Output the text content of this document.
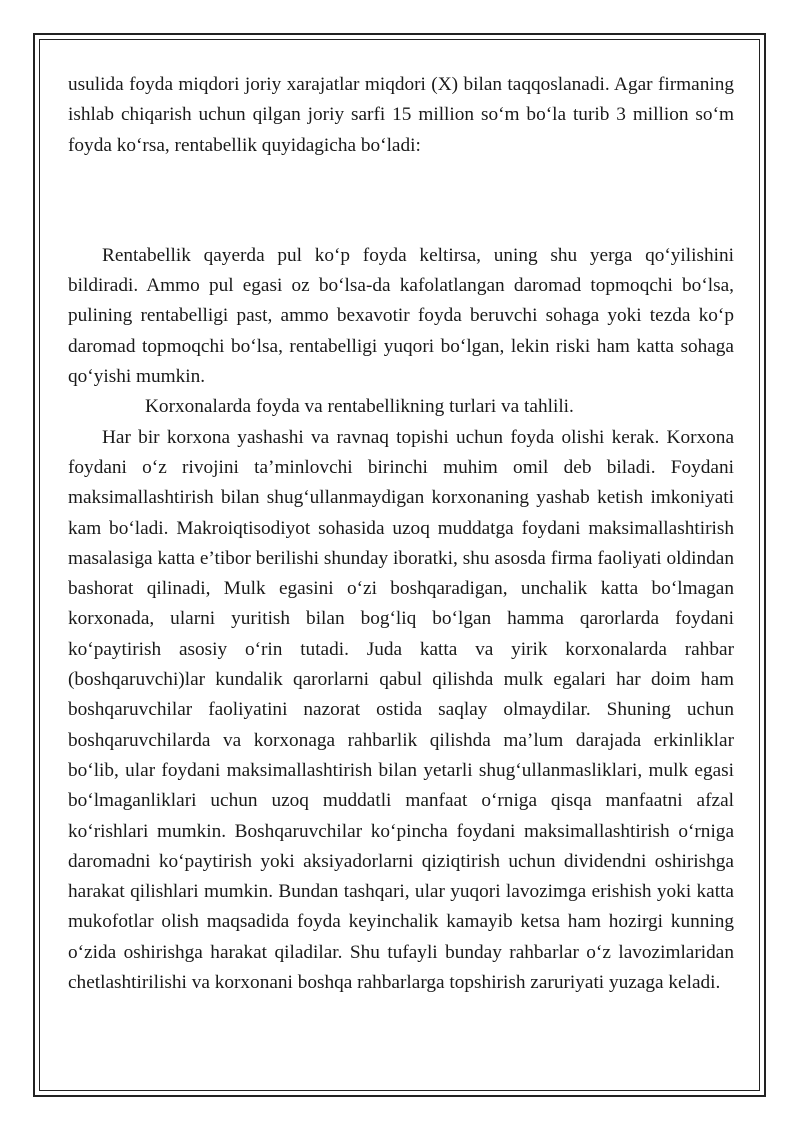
usulida foyda miqdori joriy xarajatlar miqdori (X) bilan taqqoslanadi. Agar firmaning ishlab chiqarish uchun qilgan joriy sarfi 15 million so‘m bo‘la turib 3 million so‘m foyda ko‘rsa, rentabellik quyidagicha bo‘ladi:

Rentabellik qayerda pul ko‘p foyda keltirsa, uning shu yerga qo‘yilishini bildiradi. Ammo pul egasi oz bo‘lsa-da kafolatlangan daromad topmoqchi bo‘lsa, pulining rentabelligi past, ammo bexavotir foyda beruvchi sohaga yoki tezda ko‘p daromad topmoqchi bo‘lsa, rentabelligi yuqori bo‘lgan, lekin riski ham katta sohaga qo‘yishi mumkin.

Korxonalarda foyda va rentabellikning turlari va tahlili.

Har bir korxona yashashi va ravnaq topishi uchun foyda olishi kerak. Korxona foydani o‘z rivojini ta’minlovchi birinchi muhim omil deb biladi. Foydani maksimallashtirish bilan shug‘ullanmaydigan korxonaning yashab ketish imkoniyati kam bo‘ladi. Makroiqtisodiyot sohasida uzoq muddatga foydani maksimallashtirish masalasiga katta e’tibor berilishi shunday iboratki, shu asosda firma faoliyati oldindan bashorat qilinadi, Mulk egasini o‘zi boshqaradigan, unchalik katta bo‘lmagan korxonada, ularni yuritish bilan bog‘liq bo‘lgan hamma qarorlarda foydani ko‘paytirish asosiy o‘rin tutadi. Juda katta va yirik korxonalarda rahbar (boshqaruvchi)lar kundalik qarorlarni qabul qilishda mulk egalari har doim ham boshqaruvchilar faoliyatini nazorat ostida saqlay olmaydilar. Shuning uchun boshqaruvchilarda va korxonaga rahbarlik qilishda ma’lum darajada erkinliklar bo‘lib, ular foydani maksimallashtirish bilan yetarli shug‘ullanmasliklari, mulk egasi bo‘lmaganliklari uchun uzoq muddatli manfaat o‘rniga qisqa manfaatni afzal ko‘rishlari mumkin. Boshqaruvchilar ko‘pincha foydani maksimallashtirish o‘rniga daromadni ko‘paytirish yoki aksiyadorlarni qiziqtirish uchun dividendni oshirishga harakat qilishlari mumkin. Bundan tashqari, ular yuqori lavozimga erishish yoki katta mukofotlar olish maqsadida foyda keyinchalik kamayib ketsa ham hozirgi kunning o‘zida oshirishga harakat qiladilar. Shu tufayli bunday rahbarlar o‘z lavozimlaridan chetlashtirilishi va korxonani boshqa rahbarlarga topshirish zaruriyati yuzaga keladi.
